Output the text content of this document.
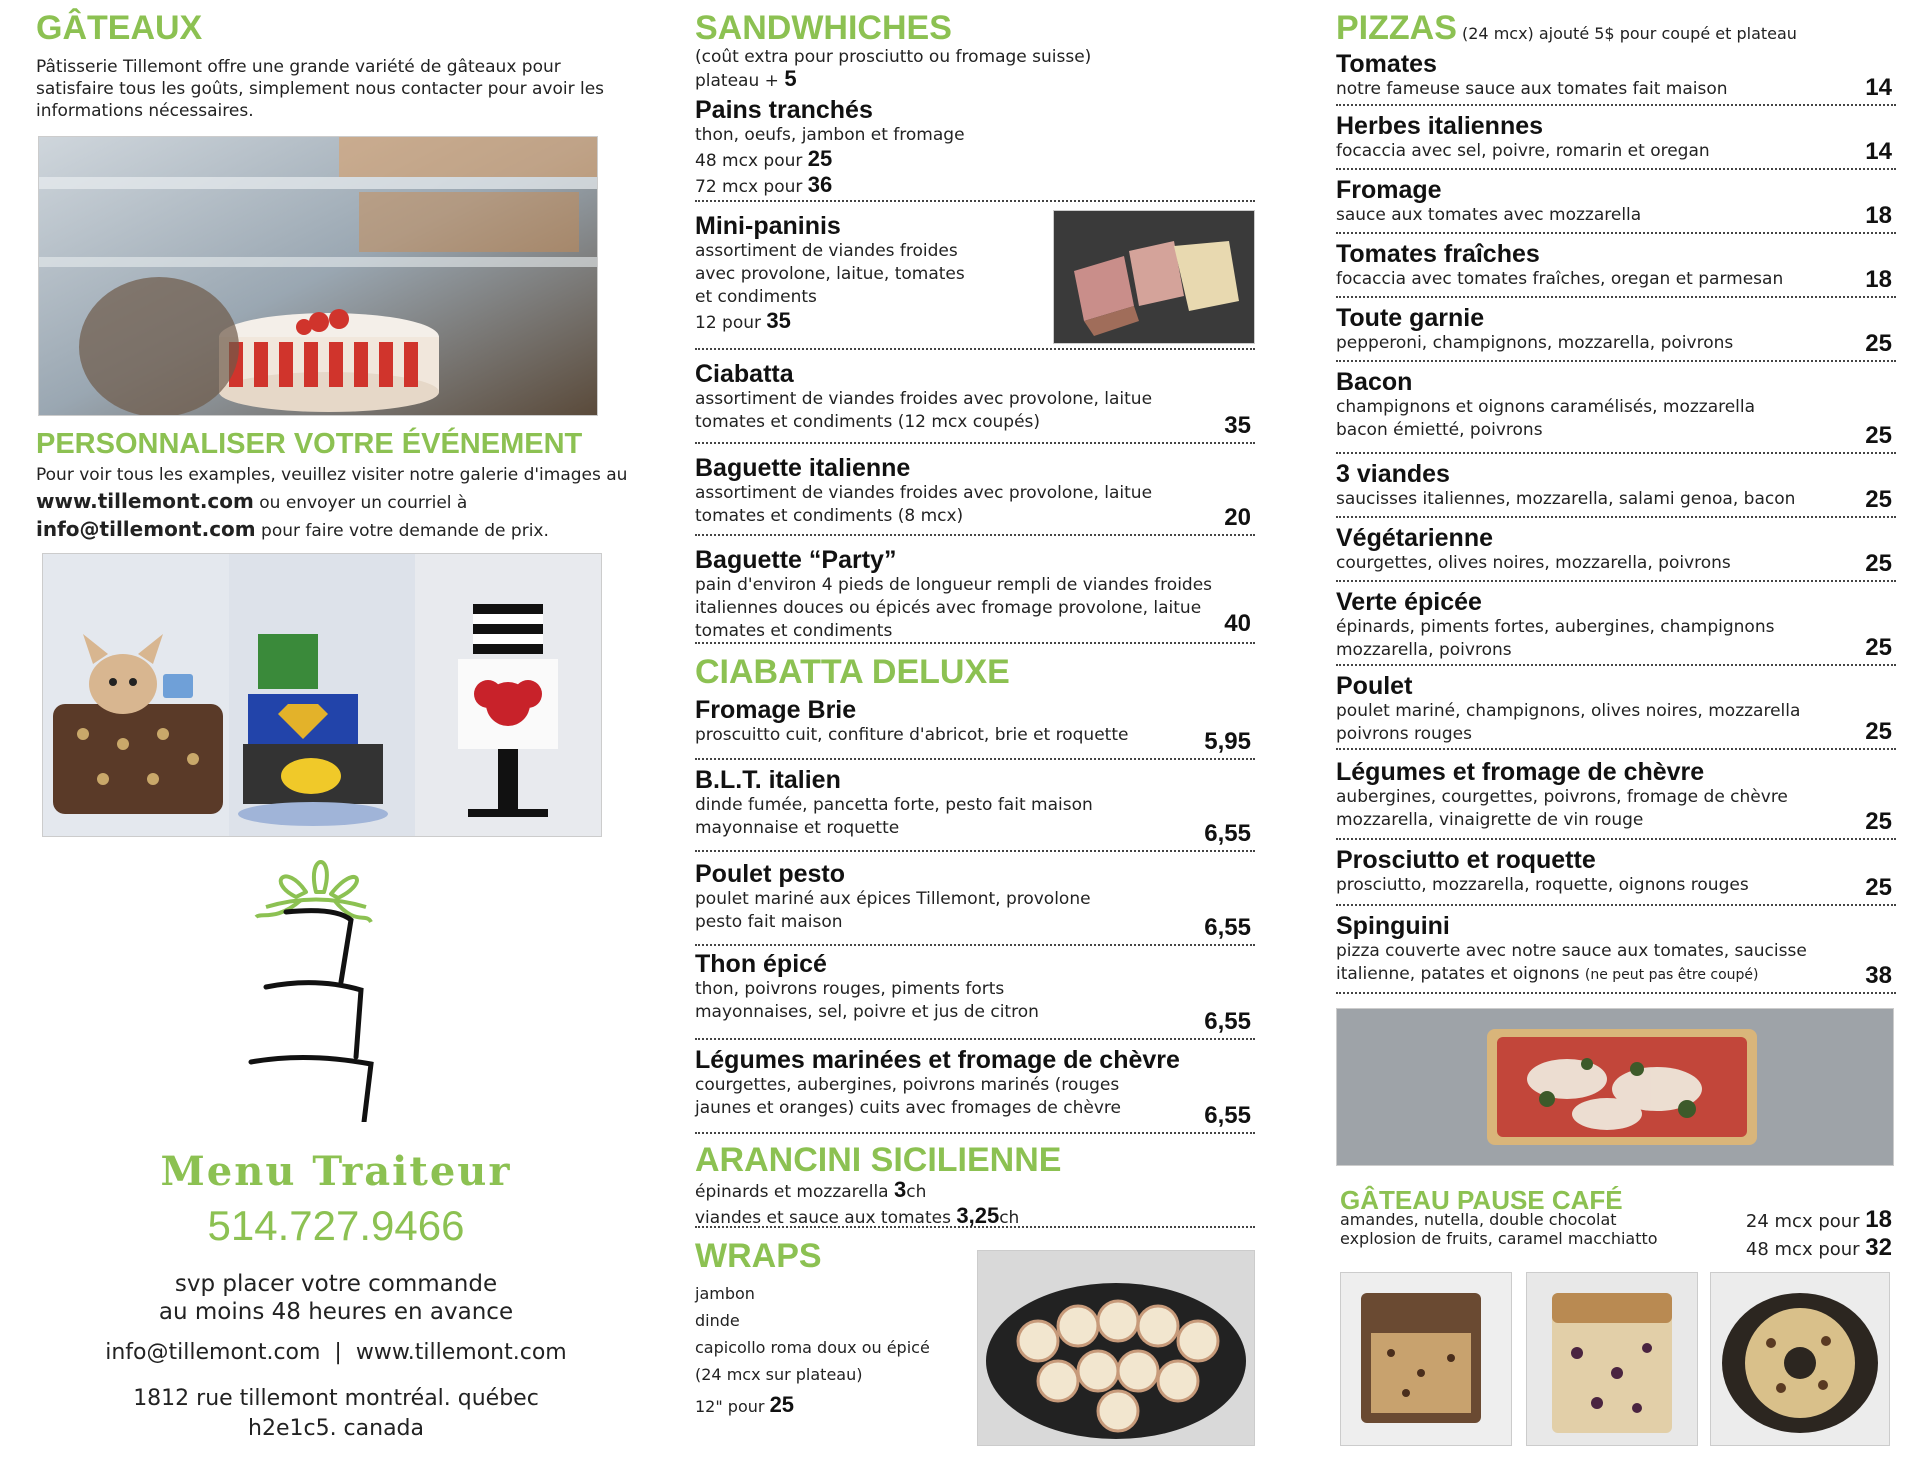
GÂTEAUX
Pâtisserie Tillemont offre une grande variété de gâteaux pour satisfaire tous les goûts, simplement nous contacter pour avoir les informations nécessaires.
PERSONNALISER VOTRE ÉVÉNEMENT
Pour voir tous les examples, veuillez visiter notre galerie d'images au www.tillemont.com ou envoyer un courriel à info@tillemont.com pour faire votre demande de prix.
Menu Traiteur
514.727.9466
svp placer votre commande
au moins 48 heures en avance
info@tillemont.com  |  www.tillemont.com
1812 rue tillemont montréal. québec
h2e1c5. canada
SANDWHICHES
(coût extra pour prosciutto ou fromage suisse)
plateau + 5
Pains tranchés
thon, oeufs, jambon et fromage
48 mcx pour 25
72 mcx pour 36
Mini-paninis
assortiment de viandes froides
avec provolone, laitue, tomates
et condiments
12 pour 35
Ciabatta
assortiment de viandes froides avec provolone, laitue
tomates et condiments (12 mcx coupés)	35
Baguette italienne
assortiment de viandes froides avec provolone, laitue
tomates et condiments (8 mcx)	20
Baguette “Party”
pain d'environ 4 pieds de longueur rempli de viandes froides
italiennes douces ou épicés avec fromage provolone, laitue
tomates et condiments	40
CIABATTA DELUXE
Fromage Brie
proscuitto cuit, confiture d'abricot, brie et roquette	5,95
B.L.T. italien
dinde fumée, pancetta forte, pesto fait maison
mayonnaise et roquette	6,55
Poulet pesto
poulet mariné aux épices Tillemont, provolone
pesto fait maison	6,55
Thon épicé
thon, poivrons rouges, piments forts
mayonnaises, sel, poivre et jus de citron	6,55
Légumes marinées et fromage de chèvre
courgettes, aubergines, poivrons marinés (rouges
jaunes et oranges) cuits avec fromages de chèvre	6,55
ARANCINI SICILIENNE
épinards et mozzarella 3ch
viandes et sauce aux tomates 3,25ch
WRAPS
jambon
dinde
capicollo roma doux ou épicé
(24 mcx sur plateau)
12" pour 25
PIZZAS (24 mcx) ajouté 5$ pour coupé et plateau
Tomates
notre fameuse sauce aux tomates fait maison	14
Herbes italiennes
focaccia avec sel, poivre, romarin et oregan	14
Fromage
sauce aux tomates avec mozzarella	18
Tomates fraîches
focaccia avec tomates fraîches, oregan et parmesan	18
Toute garnie
pepperoni, champignons, mozzarella, poivrons	25
Bacon
champignons et oignons caramélisés, mozzarella
bacon émietté, poivrons	25
3 viandes
saucisses italiennes, mozzarella, salami genoa, bacon	25
Végétarienne
courgettes, olives noires, mozzarella, poivrons	25
Verte épicée
épinards, piments fortes, aubergines, champignons
mozzarella, poivrons	25
Poulet
poulet mariné, champignons, olives noires, mozzarella
poivrons rouges	25
Légumes et fromage de chèvre
aubergines, courgettes, poivrons, fromage de chèvre
mozzarella, vinaigrette de vin rouge	25
Prosciutto et roquette
prosciutto, mozzarella, roquette, oignons rouges	25
Spinguini
pizza couverte avec notre sauce aux tomates, saucisse
italienne, patates et oignons (ne peut pas être coupé)	38
GÂTEAU PAUSE CAFÉ
amandes, nutella, double chocolat
explosion de fruits, caramel macchiatto
24 mcx pour 18
48 mcx pour 32
